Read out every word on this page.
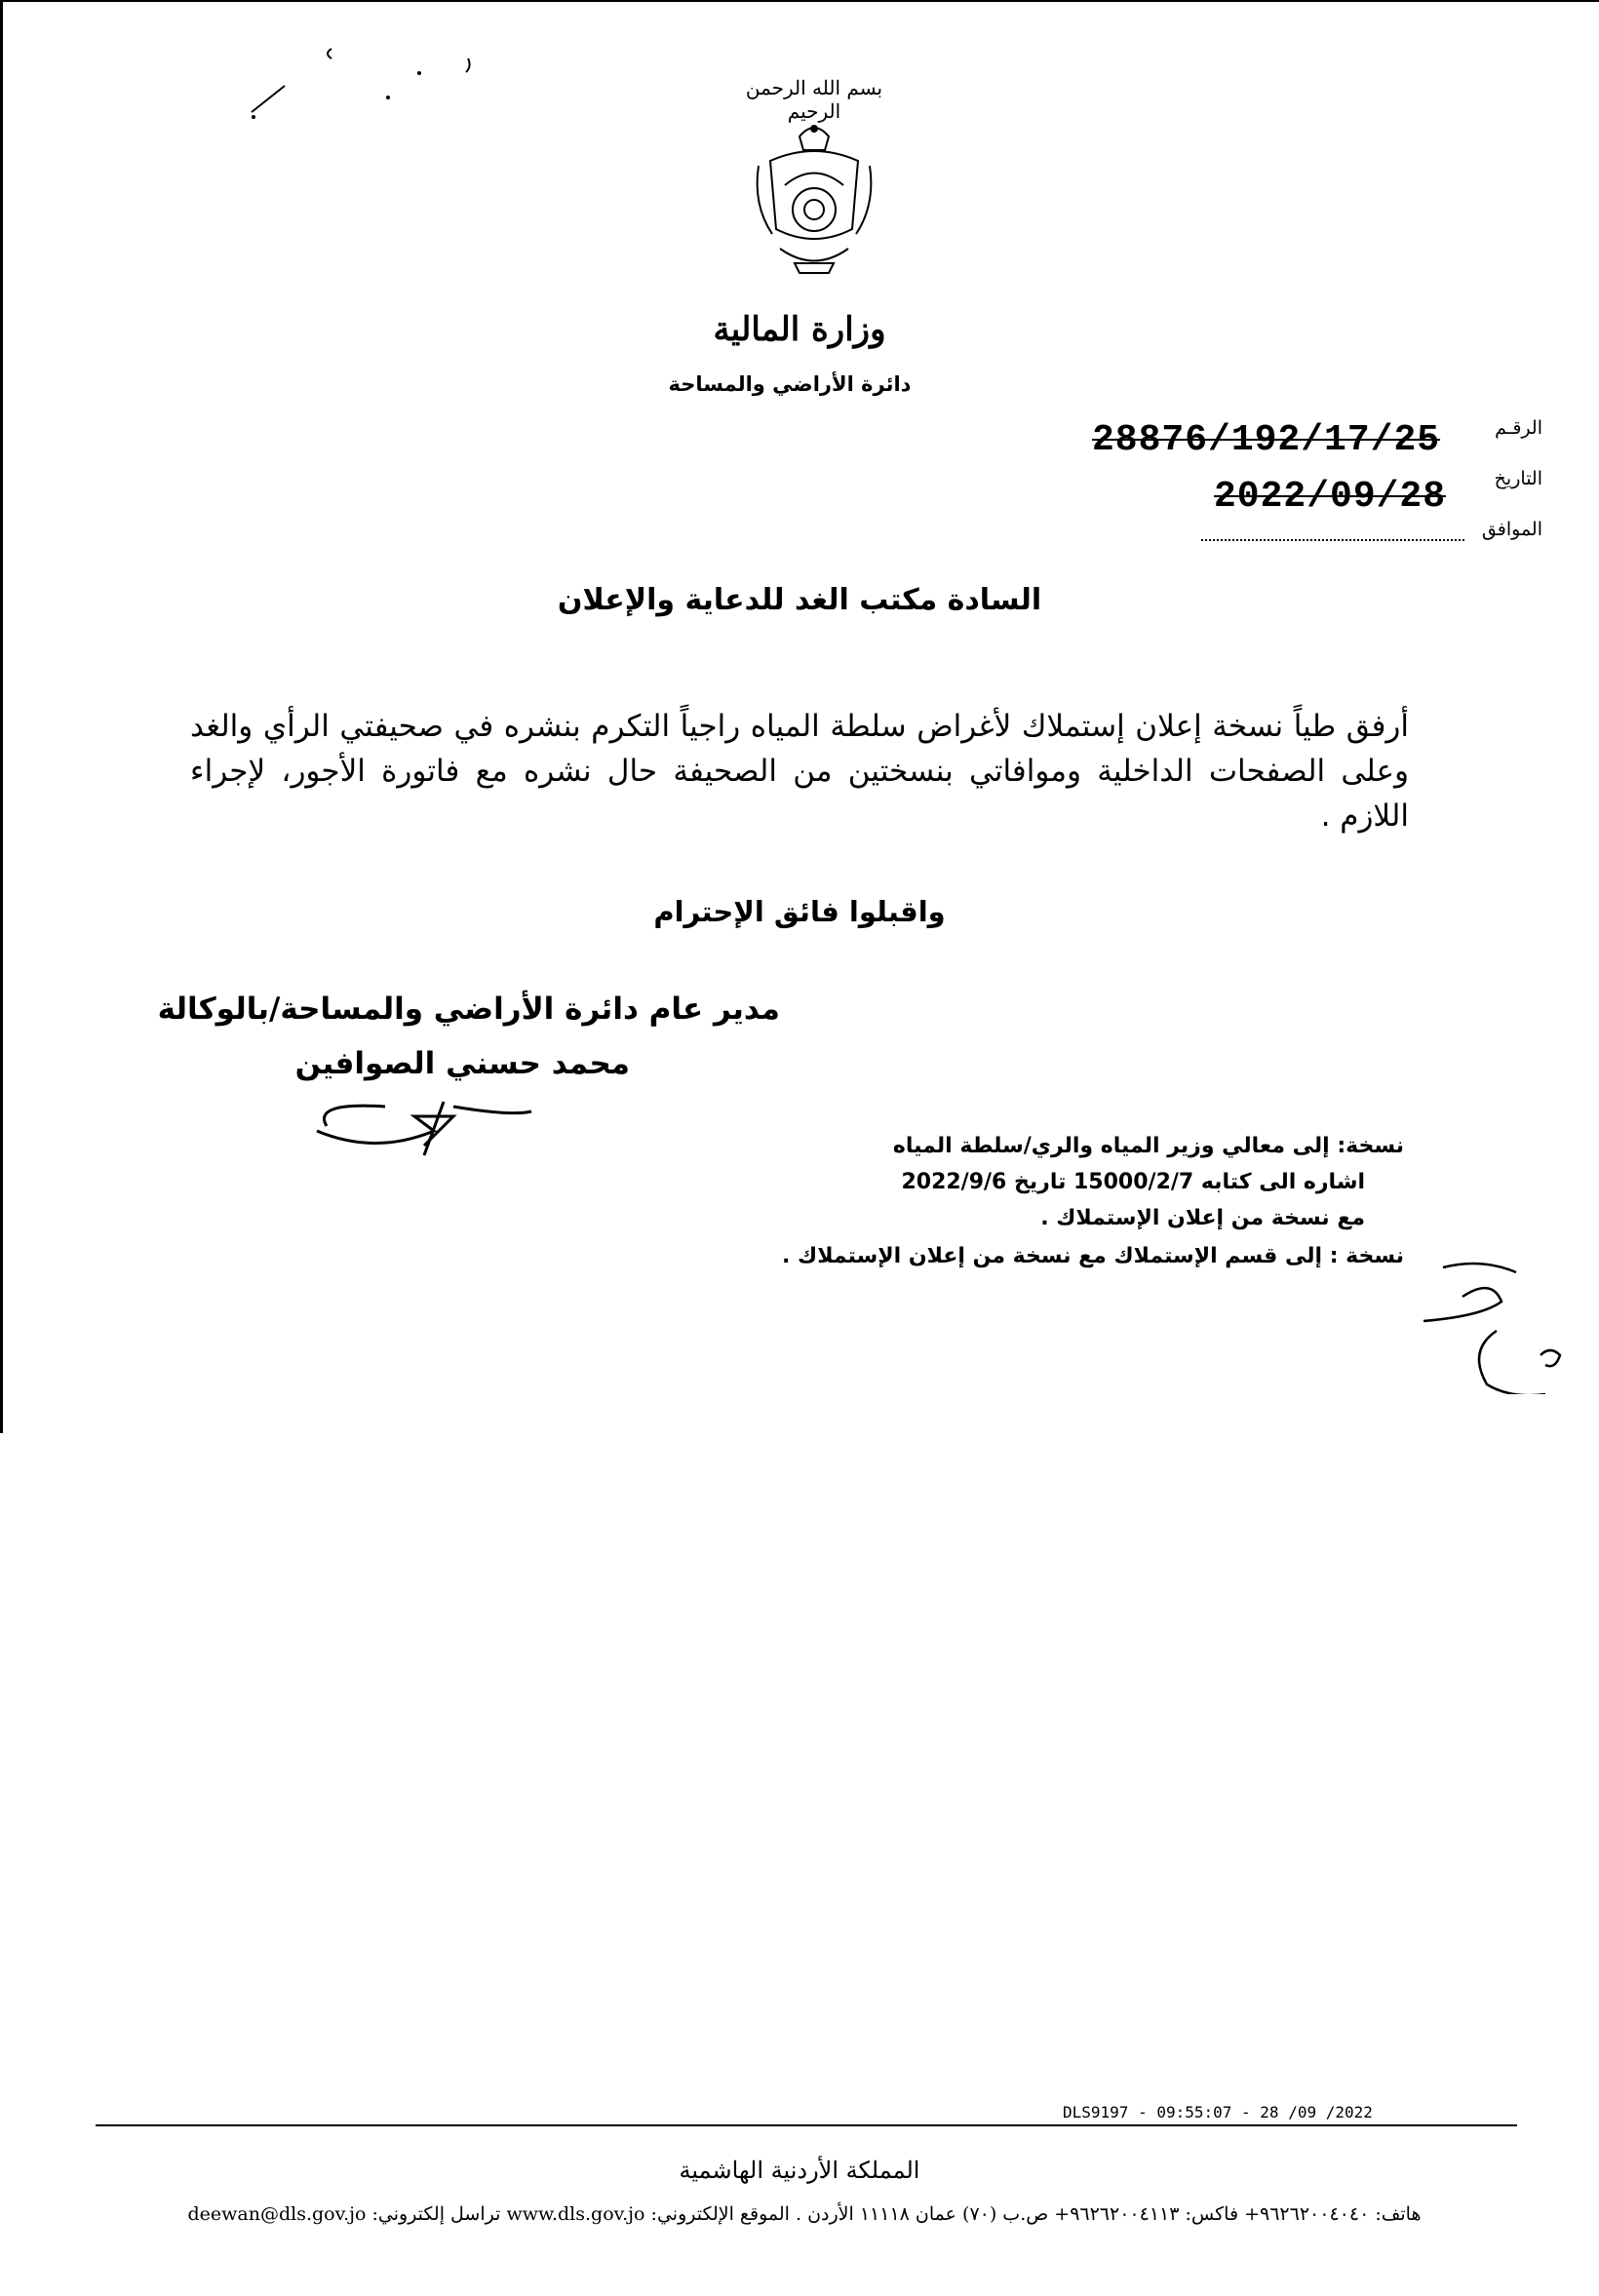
بسم الله الرحمن الرحيم
وزارة المالية
دائرة الأراضي والمساحة
الرقـم
28876/192/17/25
التاريخ
2022/09/28
الموافق
السادة مكتب الغد للدعاية والإعلان
أرفق طياً نسخة إعلان إستملاك لأغراض سلطة المياه راجياً التكرم بنشره في صحيفتي الرأي والغد وعلى الصفحات الداخلية وموافاتي بنسختين من الصحيفة حال نشره مع فاتورة الأجور، لإجراء اللازم .
واقبلوا فائق الإحترام
مدير عام دائرة الأراضي والمساحة/بالوكالة
محمد حسني الصوافين
نسخة: إلى معالي وزير المياه والري/سلطة المياه
اشاره الى كتابه 15000/2/7 تاريخ 2022/9/6
مع نسخة من إعلان الإستملاك .
نسخة : إلى قسم الإستملاك مع نسخة من إعلان الإستملاك .
DLS9197 - 09:55:07 - 28 /09 /2022
المملكة الأردنية الهاشمية
هاتف: ٩٦٢٦٢٠٠٤٠٤٠+ فاكس: ٩٦٢٦٢٠٠٤١١٣+ ص.ب (٧٠) عمان ١١١١٨ الأردن . الموقع الإلكتروني: www.dls.gov.jo تراسل إلكتروني: deewan@dls.gov.jo
